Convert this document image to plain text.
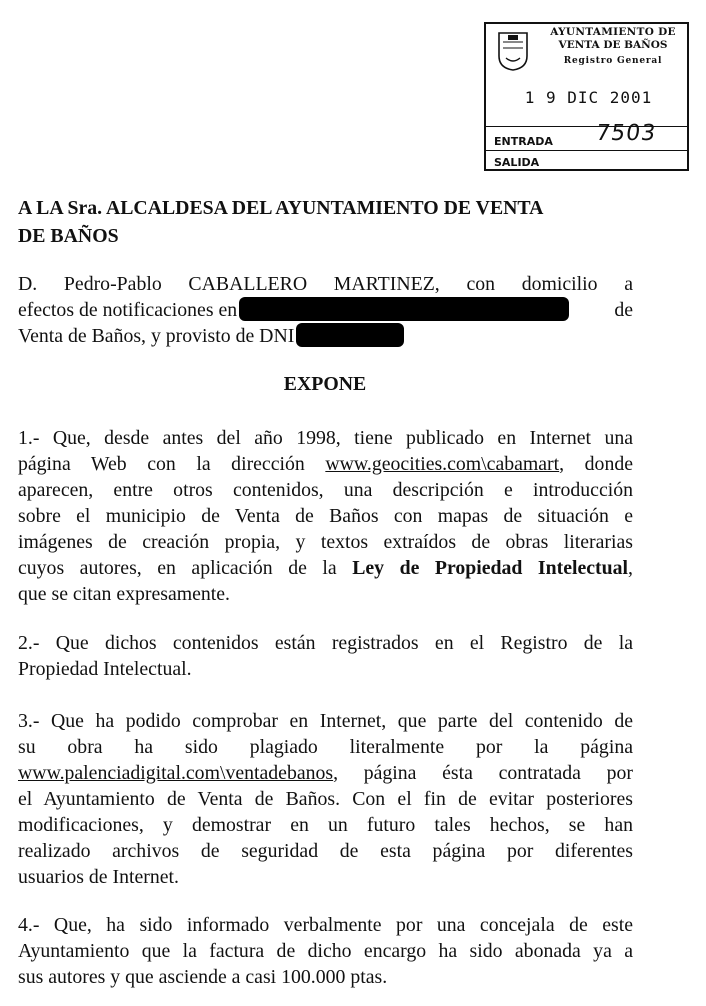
AYUNTAMIENTO DE
VENTA DE BAÑOS
Registro General
1 9 DIC 2001
ENTRADA 7503
SALIDA
A LA Sra. ALCALDESA DEL AYUNTAMIENTO DE VENTA
DE BAÑOS
D. Pedro-Pablo CABALLERO MARTINEZ, con domicilio a
efectos de notificaciones en	de
Venta de Baños, y provisto de DNI
EXPONE
1.- Que, desde antes del año 1998, tiene publicado en Internet una
página Web con la dirección www.geocities.com\cabamart, donde
aparecen, entre otros contenidos, una descripción e introducción
sobre el municipio de Venta de Baños con mapas de situación e
imágenes de creación propia, y textos extraídos de obras literarias
cuyos autores, en aplicación de la Ley de Propiedad Intelectual,
que se citan expresamente.
2.- Que dichos contenidos están registrados en el Registro de la
Propiedad Intelectual.
3.- Que ha podido comprobar en Internet, que parte del contenido de
su obra ha sido plagiado literalmente por la página
www.palenciadigital.com\ventadebanos, página ésta contratada por
el Ayuntamiento de Venta de Baños. Con el fin de evitar posteriores
modificaciones, y demostrar en un futuro tales hechos, se han
realizado archivos de seguridad de esta página por diferentes
usuarios de Internet.
4.- Que, ha sido informado verbalmente por una concejala de este
Ayuntamiento que la factura de dicho encargo ha sido abonada ya a
sus autores y que asciende a casi 100.000 ptas.
